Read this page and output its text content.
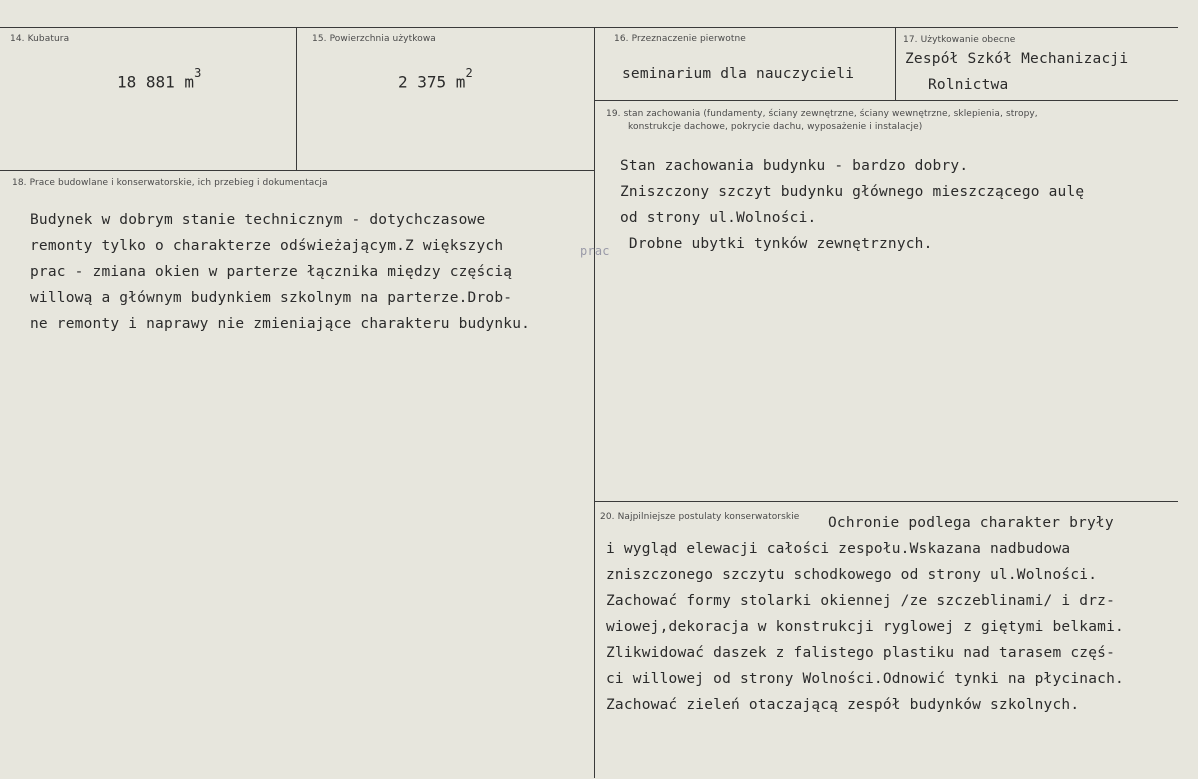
14. Kubatura
18 881 $m^3$
15. Powierzchnia użytkowa
2 375 $m^2$
16. Przeznaczenie pierwotne
seminarium dla nauczycieli
17. Użytkowanie obecne
Zespół Szkół Mechanizacji
Rolnictwa
18. Prace budowlane i konserwatorskie, ich przebieg i dokumentacja
Budynek w dobrym stanie technicznym - dotychczasowe
remonty tylko o charakterze odświeżającym.Z większych	prac
prac - zmiana okien w parterze łącznika między częścią
willową a głównym budynkiem szkolnym na parterze.Drob-
ne remonty i naprawy nie zmieniające charakteru budynku.
19. stan zachowania (fundamenty, ściany zewnętrzne, ściany wewnętrzne, sklepienia, stropy,
konstrukcje dachowe, pokrycie dachu, wyposażenie i instalacje)
Stan zachowania budynku - bardzo dobry.
Zniszczony szczyt budynku głównego mieszczącego aulę
od strony ul.Wolności.
Drobne ubytki tynków zewnętrznych.
20. Najpilniejsze postulaty konserwatorskie Ochronie podlega charakter bryły
i wygląd elewacji całości zespołu.Wskazana nadbudowa
zniszczonego szczytu schodkowego od strony ul.Wolności.
Zachować formy stolarki okiennej /ze szczeblinami/ i drz-
wiowej,dekoracja w konstrukcji ryglowej z giętymi belkami.
Zlikwidować daszek z falistego plastiku nad tarasem częś-
ci willowej od strony Wolności.Odnowić tynki na płycinach.
Zachować zieleń otaczającą zespół budynków szkolnych.
